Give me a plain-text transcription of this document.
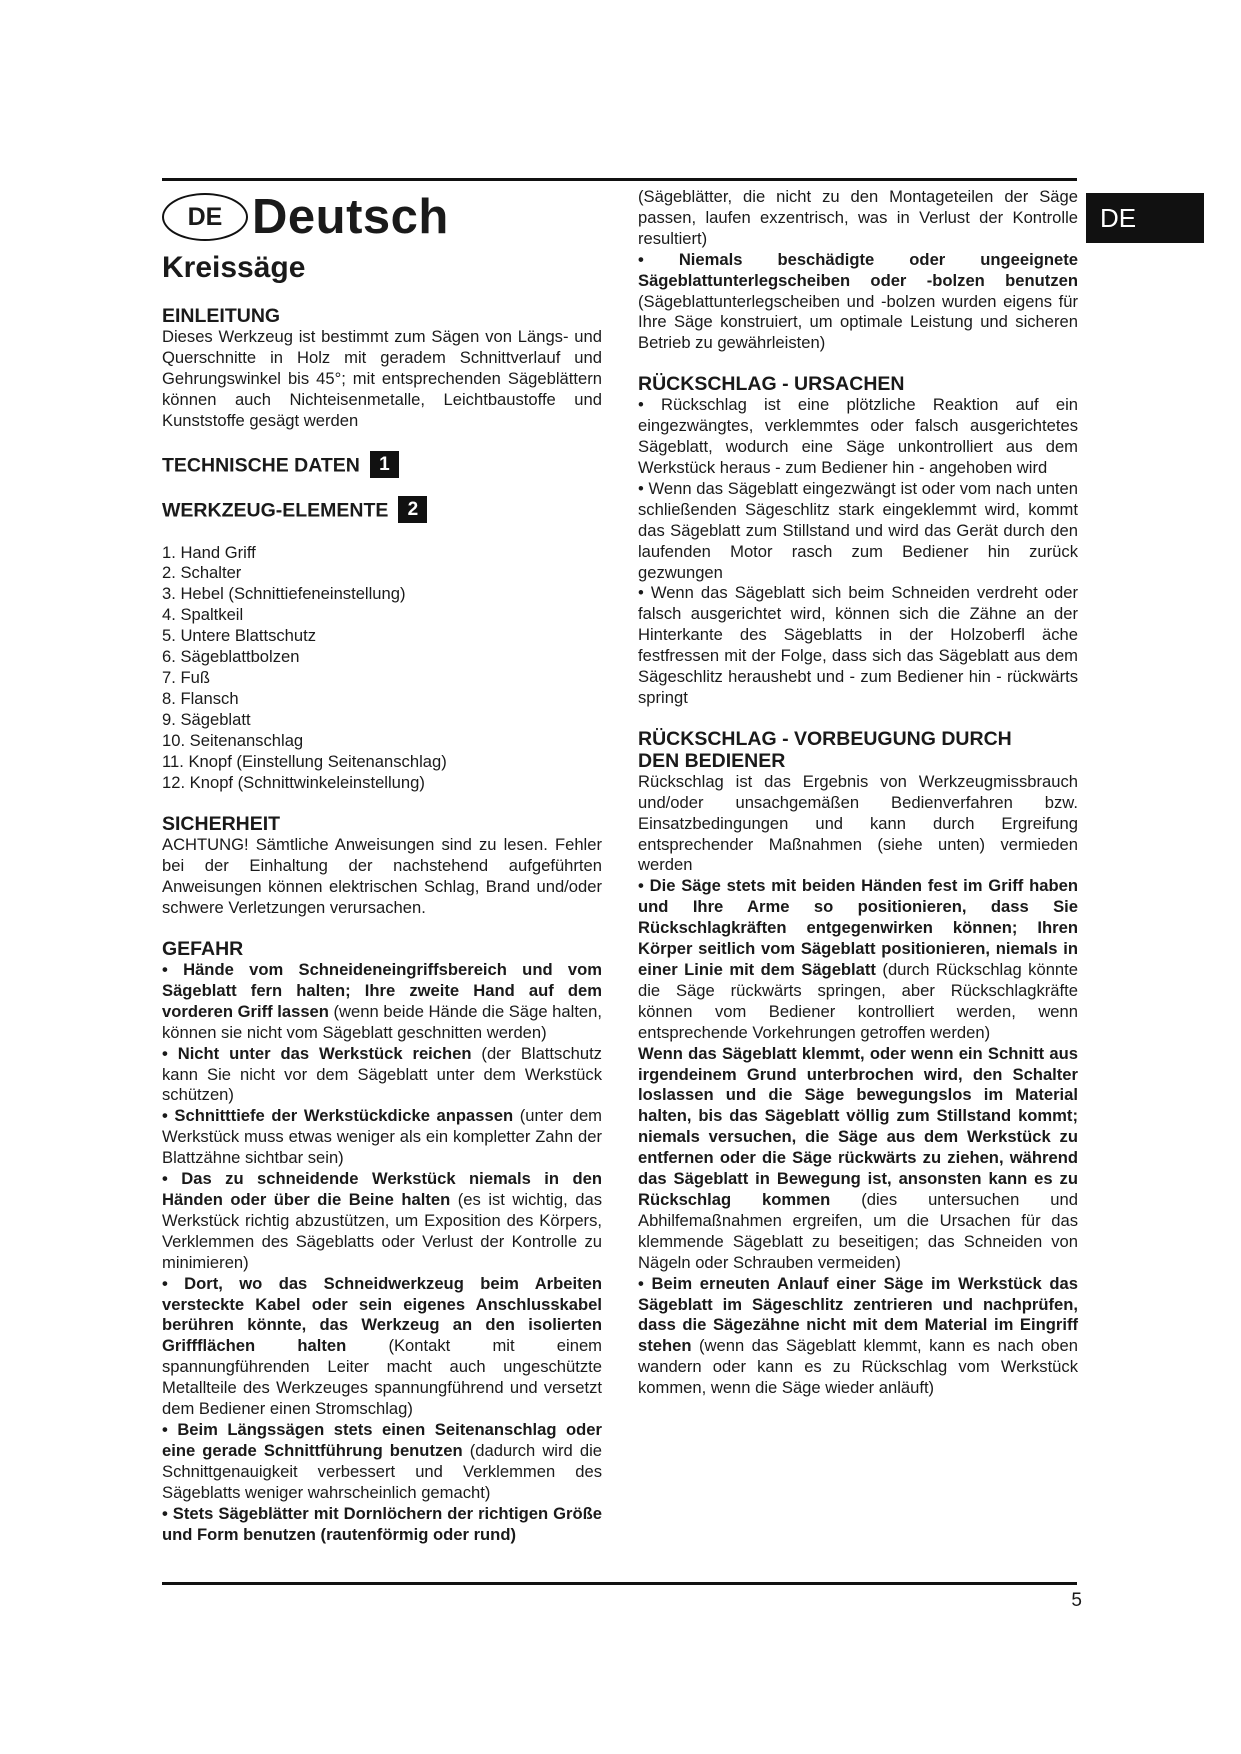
DE
DE Deutsch
Kreissäge
EINLEITUNG

Dieses Werkzeug ist bestimmt zum Sägen von Längs- und Querschnitte in Holz mit geradem Schnittverlauf und Gehrungswinkel bis 45°; mit entsprechenden Sägeblättern können auch Nichteisenmetalle, Leichtbaustoffe und Kunststoffe gesägt werden

TECHNISCHE DATEN 1
WERKZEUG-ELEMENTE 2
1. Hand Griff
2. Schalter
3. Hebel (Schnittiefeneinstellung)
4. Spaltkeil
5. Untere Blattschutz
6. Sägeblattbolzen
7. Fuß
8. Flansch
9. Sägeblatt
10. Seitenanschlag
11. Knopf (Einstellung Seitenanschlag)
12. Knopf (Schnittwinkeleinstellung)
SICHERHEIT

ACHTUNG! Sämtliche Anweisungen sind zu lesen. Fehler bei der Einhaltung der nachstehend aufgeführten Anweisungen können elektrischen Schlag, Brand und/oder schwere Verletzungen verursachen.

GEFAHR

• Hände vom Schneideneingriffsbereich und vom Sägeblatt fern halten; Ihre zweite Hand auf dem vorderen Griff lassen (wenn beide Hände die Säge halten, können sie nicht vom Sägeblatt geschnitten werden)

• Nicht unter das Werkstück reichen (der Blattschutz kann Sie nicht vor dem Sägeblatt unter dem Werkstück schützen)

• Schnitttiefe der Werkstückdicke anpassen (unter dem Werkstück muss etwas weniger als ein kompletter Zahn der Blattzähne sichtbar sein)

• Das zu schneidende Werkstück niemals in den Händen oder über die Beine halten (es ist wichtig, das Werkstück richtig abzustützen, um Exposition des Körpers, Verklemmen des Sägeblatts oder Verlust der Kontrolle zu minimieren)

• Dort, wo das Schneidwerkzeug beim Arbeiten versteckte Kabel oder sein eigenes Anschlusskabel berühren könnte, das Werkzeug an den isolierten Griffflächen halten (Kontakt mit einem spannungführenden Leiter macht auch ungeschützte Metallteile des Werkzeuges spannungführend und versetzt dem Bediener einen Stromschlag)

• Beim Längssägen stets einen Seitenanschlag oder eine gerade Schnittführung benutzen (dadurch wird die Schnittgenauigkeit verbessert und Verklemmen des Sägeblatts weniger wahrscheinlich gemacht)

• Stets Sägeblätter mit Dornlöchern der richtigen Größe und Form benutzen (rautenförmig oder rund)

(Sägeblätter, die nicht zu den Montageteilen der Säge passen, laufen exzentrisch, was in Verlust der Kontrolle resultiert)

• Niemals beschädigte oder ungeeignete Sägeblattunterlegscheiben oder -bolzen benutzen (Sägeblattunterlegscheiben und -bolzen wurden eigens für Ihre Säge konstruiert, um optimale Leistung und sicheren Betrieb zu gewährleisten)

RÜCKSCHLAG - URSACHEN

• Rückschlag ist eine plötzliche Reaktion auf ein eingezwängtes, verklemmtes oder falsch ausgerichtetes Sägeblatt, wodurch eine Säge unkontrolliert aus dem Werkstück heraus - zum Bediener hin - angehoben wird

• Wenn das Sägeblatt eingezwängt ist oder vom nach unten schließenden Sägeschlitz stark eingeklemmt wird, kommt das Sägeblatt zum Stillstand und wird das Gerät durch den laufenden Motor rasch zum Bediener hin zurück gezwungen

• Wenn das Sägeblatt sich beim Schneiden verdreht oder falsch ausgerichtet wird, können sich die Zähne an der Hinterkante des Sägeblatts in der Holzoberfl äche festfressen mit der Folge, dass sich das Sägeblatt aus dem Sägeschlitz heraushebt und - zum Bediener hin - rückwärts springt

RÜCKSCHLAG - VORBEUGUNG DURCH
DEN BEDIENER

Rückschlag ist das Ergebnis von Werkzeugmissbrauch und/oder unsachgemäßen Bedienverfahren bzw. Einsatzbedingungen und kann durch Ergreifung entsprechender Maßnahmen (siehe unten) vermieden werden

• Die Säge stets mit beiden Händen fest im Griff haben und Ihre Arme so positionieren, dass Sie Rückschlagkräften entgegenwirken können; Ihren Körper seitlich vom Sägeblatt positionieren, niemals in einer Linie mit dem Sägeblatt (durch Rückschlag könnte die Säge rückwärts springen, aber Rückschlagkräfte können vom Bediener kontrolliert werden, wenn entsprechende Vorkehrungen getroffen werden)

Wenn das Sägeblatt klemmt, oder wenn ein Schnitt aus irgendeinem Grund unterbrochen wird, den Schalter loslassen und die Säge bewegungslos im Material halten, bis das Sägeblatt völlig zum Stillstand kommt; niemals versuchen, die Säge aus dem Werkstück zu entfernen oder die Säge rückwärts zu ziehen, während das Sägeblatt in Bewegung ist, ansonsten kann es zu Rückschlag kommen (dies untersuchen und Abhilfemaßnahmen ergreifen, um die Ursachen für das klemmende Sägeblatt zu beseitigen; das Schneiden von Nägeln oder Schrauben vermeiden)

• Beim erneuten Anlauf einer Säge im Werkstück das Sägeblatt im Sägeschlitz zentrieren und nachprüfen, dass die Sägezähne nicht mit dem Material im Eingriff stehen (wenn das Sägeblatt klemmt, kann es nach oben wandern oder kann es zu Rückschlag vom Werkstück kommen, wenn die Säge wieder anläuft)

5
